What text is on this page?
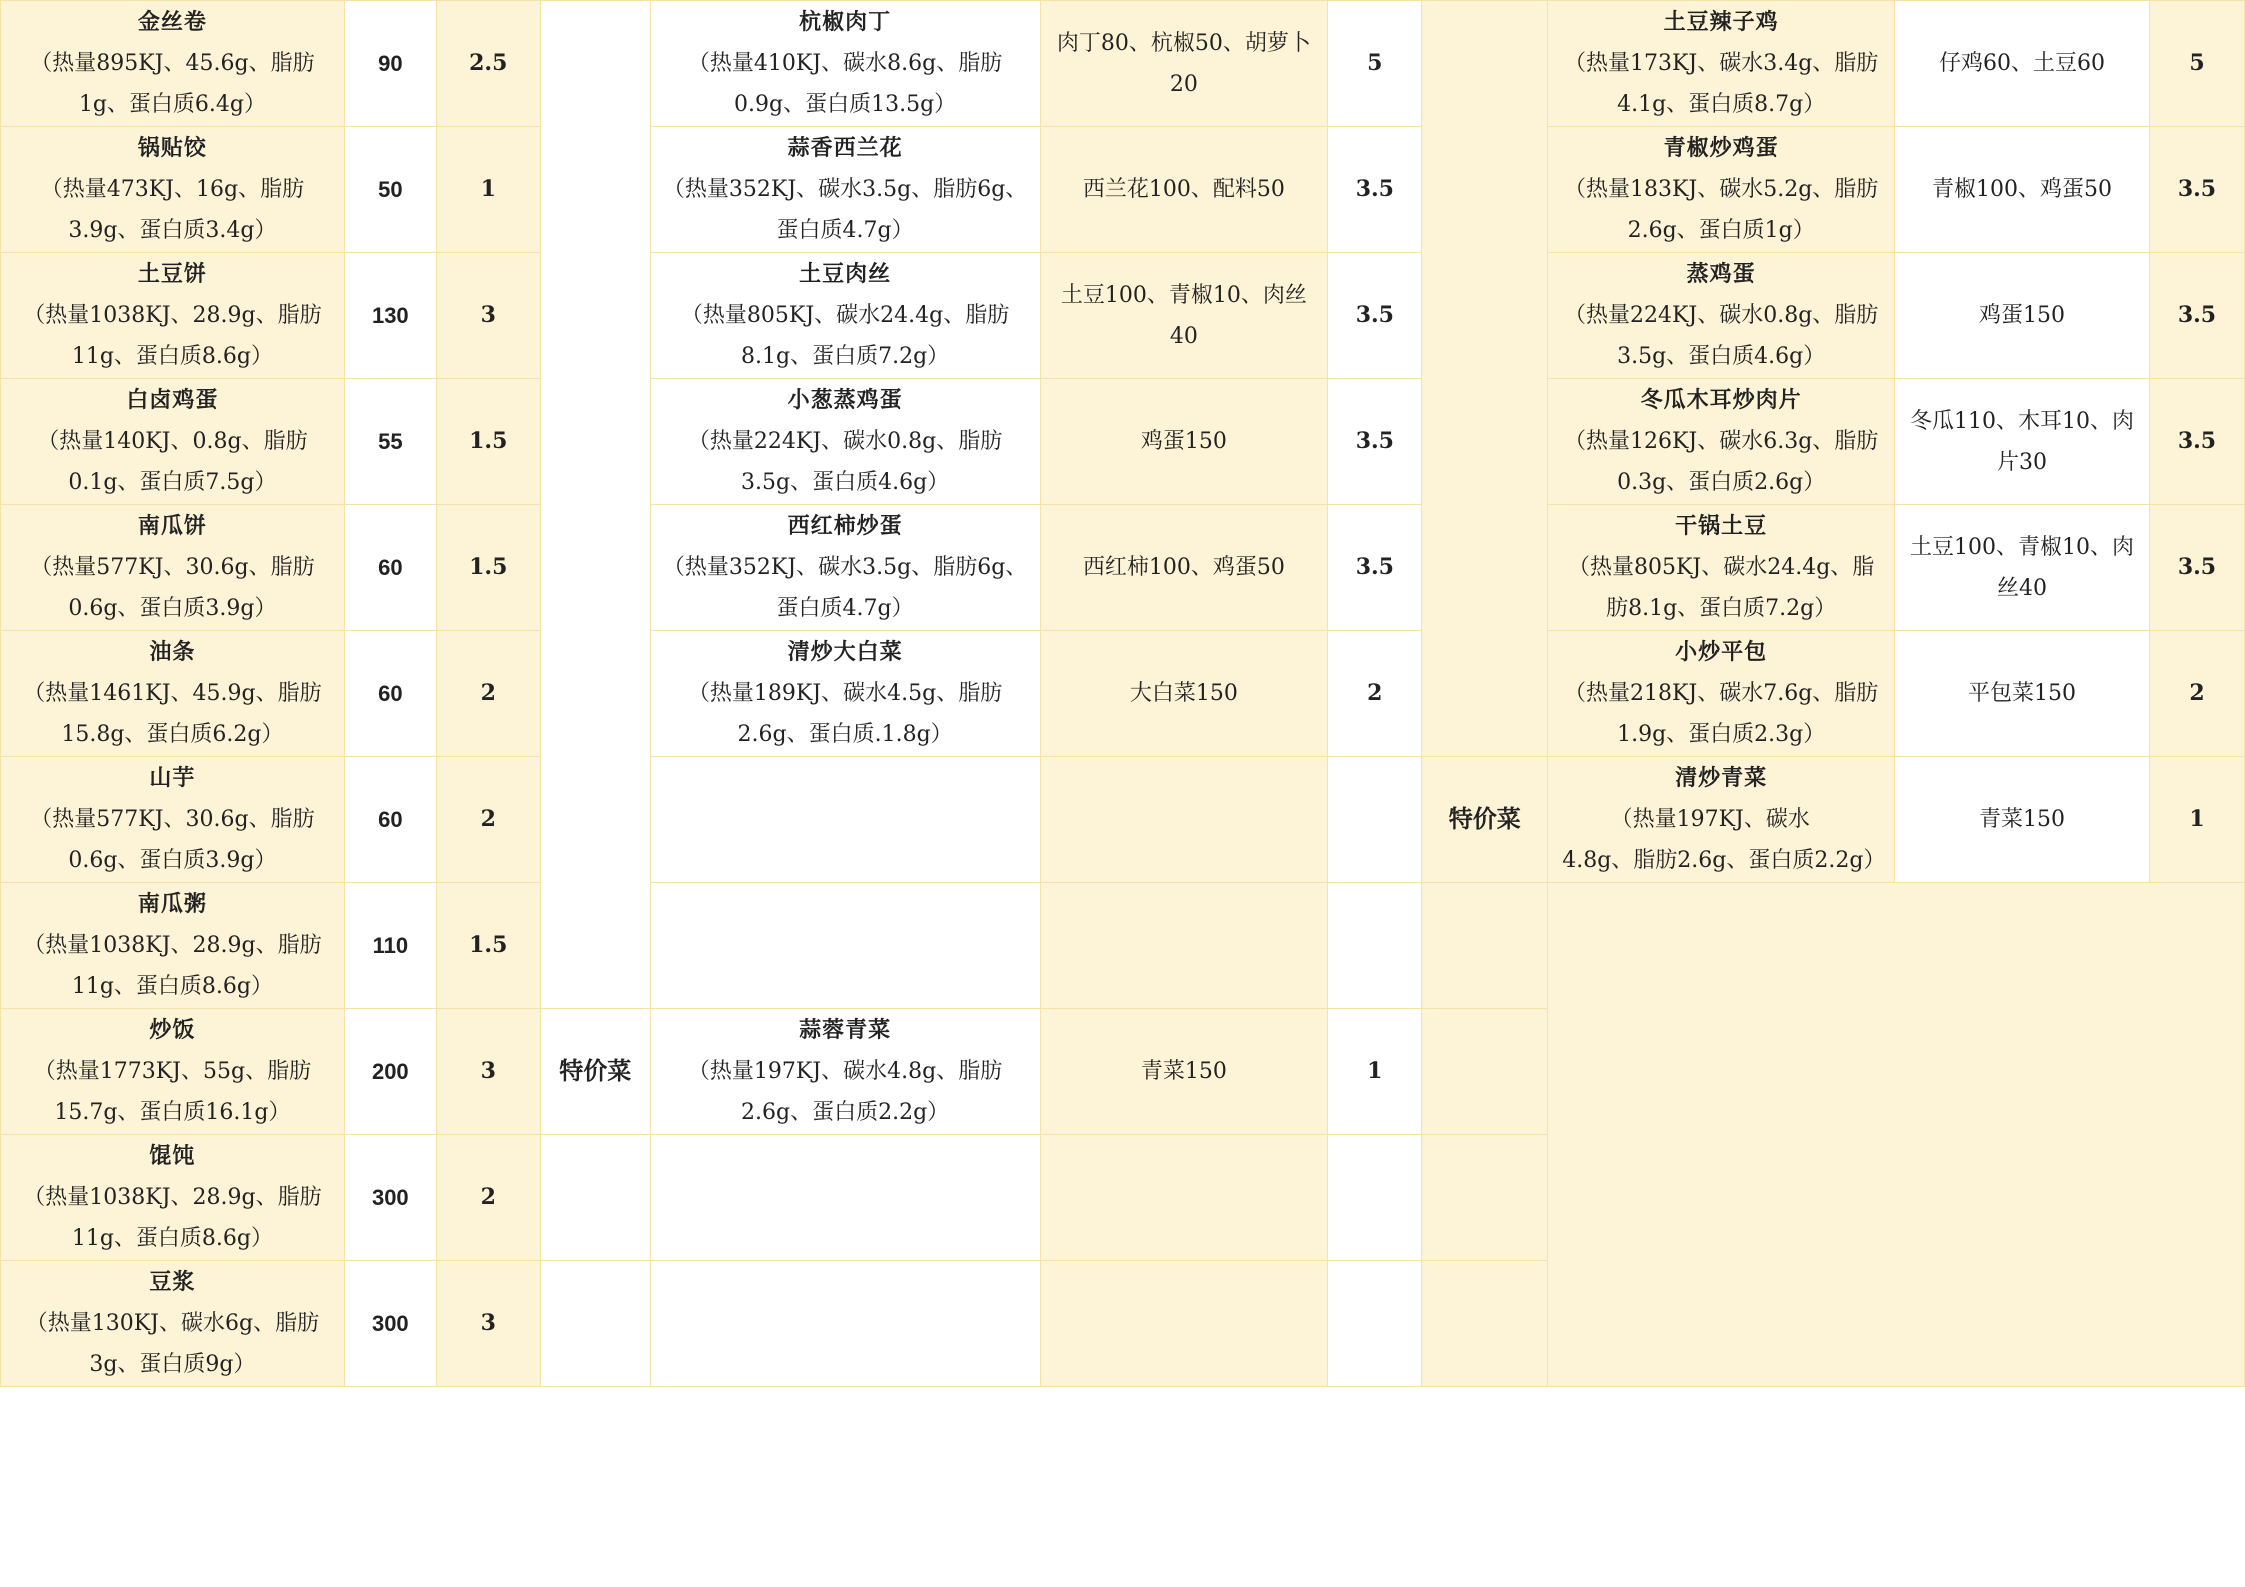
金丝卷
（热量895KJ、45.6g、脂肪1g、蛋白质6.4g）	90	2.5		杭椒肉丁
（热量410KJ、碳水8.6g、脂肪0.9g、蛋白质13.5g）	肉丁80、杭椒50、胡萝卜20	5		土豆辣子鸡
（热量173KJ、碳水3.4g、脂肪4.1g、蛋白质8.7g）	仔鸡60、土豆60	5

锅贴饺
（热量473KJ、16g、脂肪3.9g、蛋白质3.4g）	50	1		蒜香西兰花
（热量352KJ、碳水3.5g、脂肪6g、蛋白质4.7g）	西兰花100、配料50	3.5		青椒炒鸡蛋
（热量183KJ、碳水5.2g、脂肪2.6g、蛋白质1g）	青椒100、鸡蛋50	3.5

土豆饼
（热量1038KJ、28.9g、脂肪11g、蛋白质8.6g）	130	3		土豆肉丝
（热量805KJ、碳水24.4g、脂肪8.1g、蛋白质7.2g）	土豆100、青椒10、肉丝40	3.5		蒸鸡蛋
（热量224KJ、碳水0.8g、脂肪3.5g、蛋白质4.6g）	鸡蛋150	3.5

白卤鸡蛋
（热量140KJ、0.8g、脂肪0.1g、蛋白质7.5g）	55	1.5		小葱蒸鸡蛋
（热量224KJ、碳水0.8g、脂肪3.5g、蛋白质4.6g）	鸡蛋150	3.5		冬瓜木耳炒肉片
（热量126KJ、碳水6.3g、脂肪0.3g、蛋白质2.6g）	冬瓜110、木耳10、肉片30	3.5

南瓜饼
（热量577KJ、30.6g、脂肪0.6g、蛋白质3.9g）	60	1.5		西红柿炒蛋
（热量352KJ、碳水3.5g、脂肪6g、蛋白质4.7g）	西红柿100、鸡蛋50	3.5		干锅土豆
（热量805KJ、碳水24.4g、脂肪8.1g、蛋白质7.2g）	土豆100、青椒10、肉丝40	3.5

油条
（热量1461KJ、45.9g、脂肪15.8g、蛋白质6.2g）	60	2		清炒大白菜
（热量189KJ、碳水4.5g、脂肪2.6g、蛋白质.1.8g）	大白菜150	2		小炒平包
（热量218KJ、碳水7.6g、脂肪1.9g、蛋白质2.3g）	平包菜150	2

山芋
（热量577KJ、30.6g、脂肪0.6g、蛋白质3.9g）	60	2					特价菜	清炒青菜
（热量197KJ、碳水4.8g、脂肪2.6g、蛋白质2.2g）	青菜150	1

南瓜粥
（热量1038KJ、28.9g、脂肪11g、蛋白质8.6g）	110	1.5								

炒饭
（热量1773KJ、55g、脂肪15.7g、蛋白质16.1g）	200	3	特价菜	蒜蓉青菜
（热量197KJ、碳水4.8g、脂肪2.6g、蛋白质2.2g）	青菜150	1				

馄饨
（热量1038KJ、28.9g、脂肪11g、蛋白质8.6g）	300	2								

豆浆
（热量130KJ、碳水6g、脂肪3g、蛋白质9g）	300	3								
